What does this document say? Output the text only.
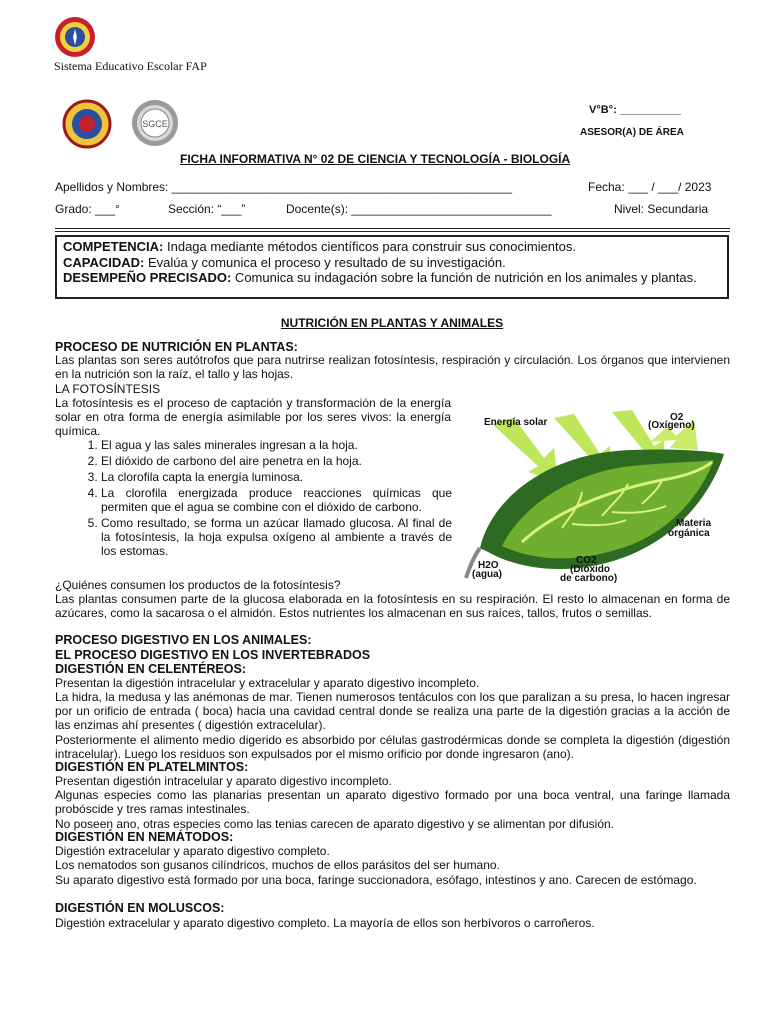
Sistema Educativo Escolar FAP
SGCE
V°B°: __________
ASESOR(A) DE ÁREA
FICHA INFORMATIVA N° 02 DE CIENCIA Y TECNOLOGÍA - BIOLOGÍA
Apellidos y Nombres: ___________________________________________________	Fecha: ___ / ___/ 2023
Grado: ___°	Sección: “___”	Docente(s): ______________________________	Nivel: Secundaria
COMPETENCIA: Indaga mediante métodos científicos para construir sus conocimientos.
CAPACIDAD: Evalúa y comunica el proceso y resultado de su investigación.
DESEMPEÑO PRECISADO: Comunica su indagación sobre la función de nutrición en los animales y plantas.
NUTRICIÓN EN PLANTAS Y ANIMALES
PROCESO DE NUTRICIÓN EN PLANTAS:
Las plantas son seres autótrofos que para nutrirse realizan fotosíntesis, respiración y circulación. Los órganos que intervienen en la nutrición son la raíz, el tallo y las hojas.
LA FOTOSÍNTESIS
La fotosíntesis es el proceso de captación y transformación de la energía solar en otra forma de energía asimilable por los seres vivos: la energía química.
1. El agua y las sales minerales ingresan a la hoja.
2. El dióxido de carbono del aire penetra en la hoja.
3. La clorofila capta la energía luminosa.
4. La clorofila energizada produce reacciones químicas que permiten que el agua se combine con el dióxido de carbono.
5. Como resultado, se forma un azúcar llamado glucosa. Al final de la fotosíntesis, la hoja expulsa oxígeno al ambiente a través de los estomas.
Energía solar	O2
(Oxígeno)
Materia
orgánica
H2O
(agua)
CO2
(Dióxido
de carbono)
¿Quiénes consumen los productos de la fotosíntesis?
Las plantas consumen parte de la glucosa elaborada en la fotosíntesis en su respiración. El resto lo almacenan en forma de azúcares, como la sacarosa o el almidón. Estos nutrientes los almacenan en sus raíces, tallos, frutos o semillas.
PROCESO DIGESTIVO EN LOS ANIMALES:
EL PROCESO DIGESTIVO EN LOS INVERTEBRADOS
DIGESTIÓN EN CELENTÉREOS:
Presentan la digestión intracelular y extracelular y aparato digestivo incompleto.
La hidra, la medusa y las anémonas de mar. Tienen numerosos tentáculos con los que paralizan a su presa, lo hacen ingresar por un orificio de entrada ( boca) hacia una cavidad central donde se realiza una parte de la digestión gracias a la acción de las enzimas ahí presentes ( digestión extracelular).
Posteriormente el alimento medio digerido es absorbido por células gastrodérmicas donde se completa la digestión (digestión intracelular). Luego los residuos son expulsados por el mismo orificio por donde ingresaron (ano).
DIGESTIÓN EN PLATELMINTOS:
Presentan digestión intracelular y aparato digestivo incompleto.
Algunas especies como las planarias presentan un aparato digestivo formado por una boca ventral, una faringe llamada probóscide y tres ramas intestinales.
No poseen ano, otras especies como las tenias carecen de aparato digestivo y se alimentan por difusión.
DIGESTIÓN EN NEMÁTODOS:
Digestión extracelular y aparato digestivo completo.
Los nematodos son gusanos cilíndricos, muchos de ellos parásitos del ser humano.
Su aparato digestivo está formado por una boca, faringe succionadora, esófago, intestinos y ano. Carecen de estómago.
DIGESTIÓN EN MOLUSCOS:
Digestión extracelular y aparato digestivo completo. La mayoría de ellos son herbívoros o carroñeros.
